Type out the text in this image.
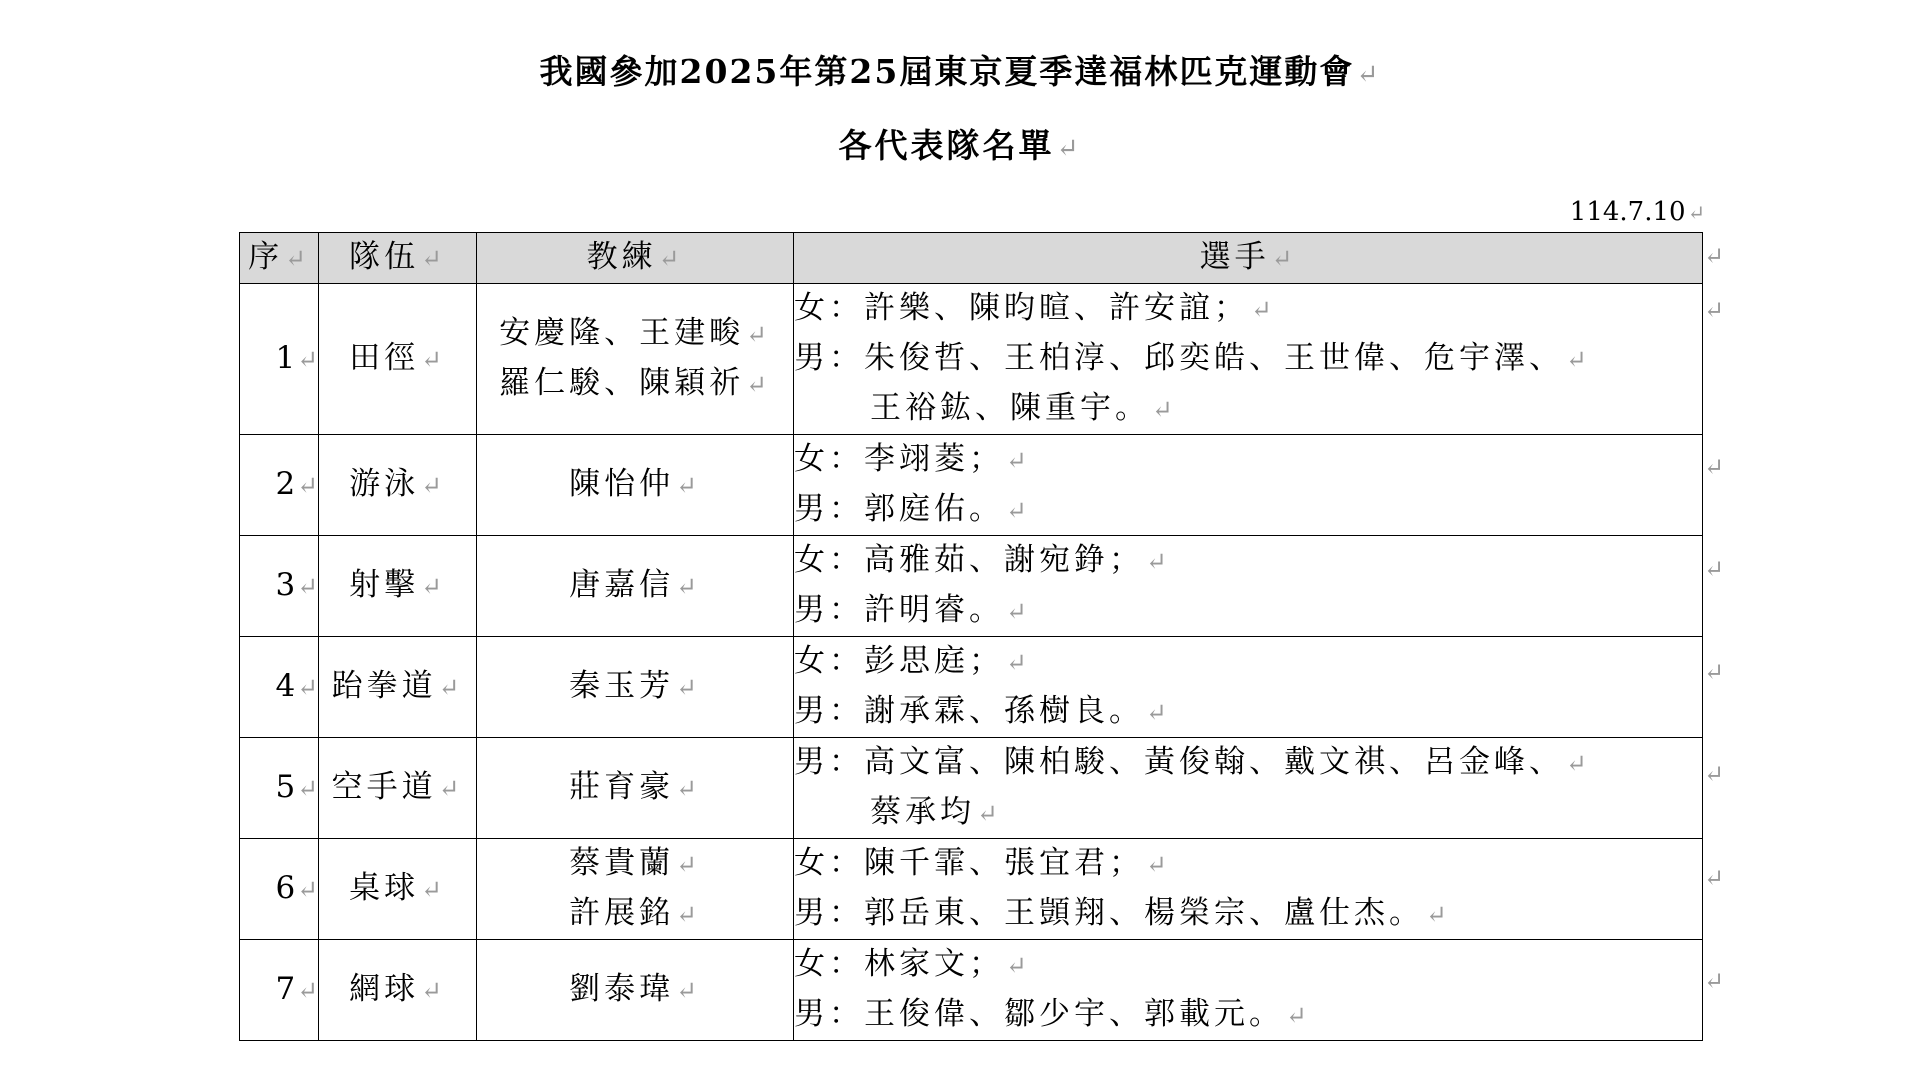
我國參加2025年第25屆東京夏季達福林匹克運動會↵
各代表隊名單↵
114.7.10↵
序↵	隊伍↵	教練↵	選手↵
1↵	田徑↵	安慶隆、王建畯↵
羅仁駿、陳穎祈↵	女：許樂、陳昀暄、許安誼；↵
男：朱俊哲、王柏淳、邱奕皓、王世偉、危宇澤、↵
王裕鈜、陳重宇。↵

2↵	游泳↵	陳怡仲↵	女：李翊菱；↵
男：郭庭佑。↵

3↵	射擊↵	唐嘉信↵	女：高雅茹、謝宛錚；↵
男：許明睿。↵

4↵	跆拳道↵	秦玉芳↵	女：彭思庭；↵
男：謝承霖、孫樹良。↵

5↵	空手道↵	莊育豪↵	男：高文富、陳柏駿、黃俊翰、戴文祺、呂金峰、↵
蔡承均↵

6↵	桌球↵	蔡貴蘭↵
許展銘↵	女：陳千霏、張宜君；↵
男：郭岳東、王顗翔、楊榮宗、盧仕杰。↵

7↵	網球↵	劉泰瑋↵	女：林家文；↵
男：王俊偉、鄒少宇、郭載元。↵
↵
↵
↵
↵
↵
↵
↵
↵
